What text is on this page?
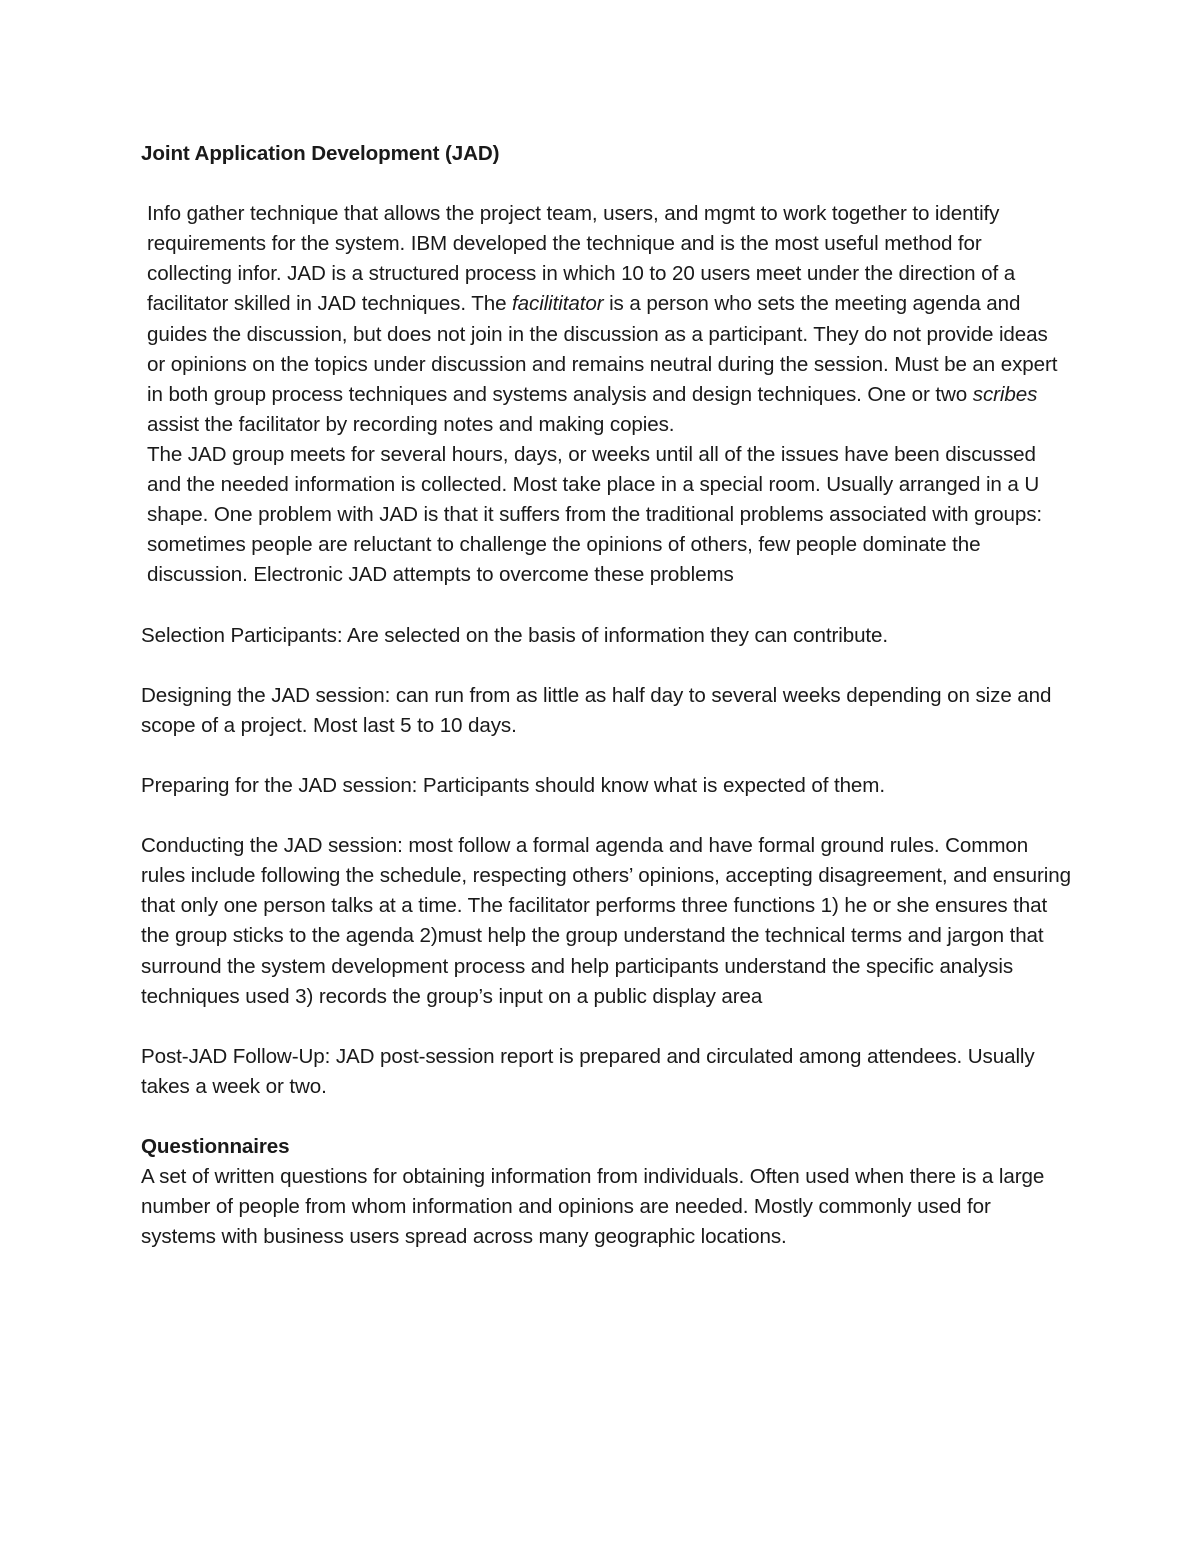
Joint Application Development (JAD)

Info gather technique that allows the project team, users, and mgmt to work together to identify requirements for the system. IBM developed the technique and is the most useful method for collecting infor. JAD is a structured process in which 10 to 20 users meet under the direction of a facilitator skilled in JAD techniques. The facilititator is a person who sets the meeting agenda and guides the discussion, but does not join in the discussion as a participant. They do not provide ideas or opinions on the topics under discussion and remains neutral during the session. Must be an expert in both group process techniques and systems analysis and design techniques. One or two scribes assist the facilitator by recording notes and making copies.

The JAD group meets for several hours, days, or weeks until all of the issues have been discussed and the needed information is collected. Most take place in a special room. Usually arranged in a U shape. One problem with JAD is that it suffers from the traditional problems associated with groups: sometimes people are reluctant to challenge the opinions of others, few people dominate the discussion. Electronic JAD attempts to overcome these problems

Selection Participants: Are selected on the basis of information they can contribute.

Designing the JAD session: can run from as little as half day to several weeks depending on size and scope of a project. Most last 5 to 10 days.

Preparing for the JAD session: Participants should know what is expected of them.

Conducting the JAD session: most follow a formal agenda and have formal ground rules. Common rules include following the schedule, respecting others’ opinions, accepting disagreement, and ensuring that only one person talks at a time. The facilitator performs three functions 1) he or she ensures that the group sticks to the agenda 2)must help the group understand the technical terms and jargon that surround the system development process and help participants understand the specific analysis techniques used 3) records the group’s input on a public display area

Post-JAD Follow-Up: JAD post-session report is prepared and circulated among attendees. Usually takes a week or two.

Questionnaires

A set of written questions for obtaining information from individuals. Often used when there is a large number of people from whom information and opinions are needed. Mostly commonly used for systems with business users spread across many geographic locations.
